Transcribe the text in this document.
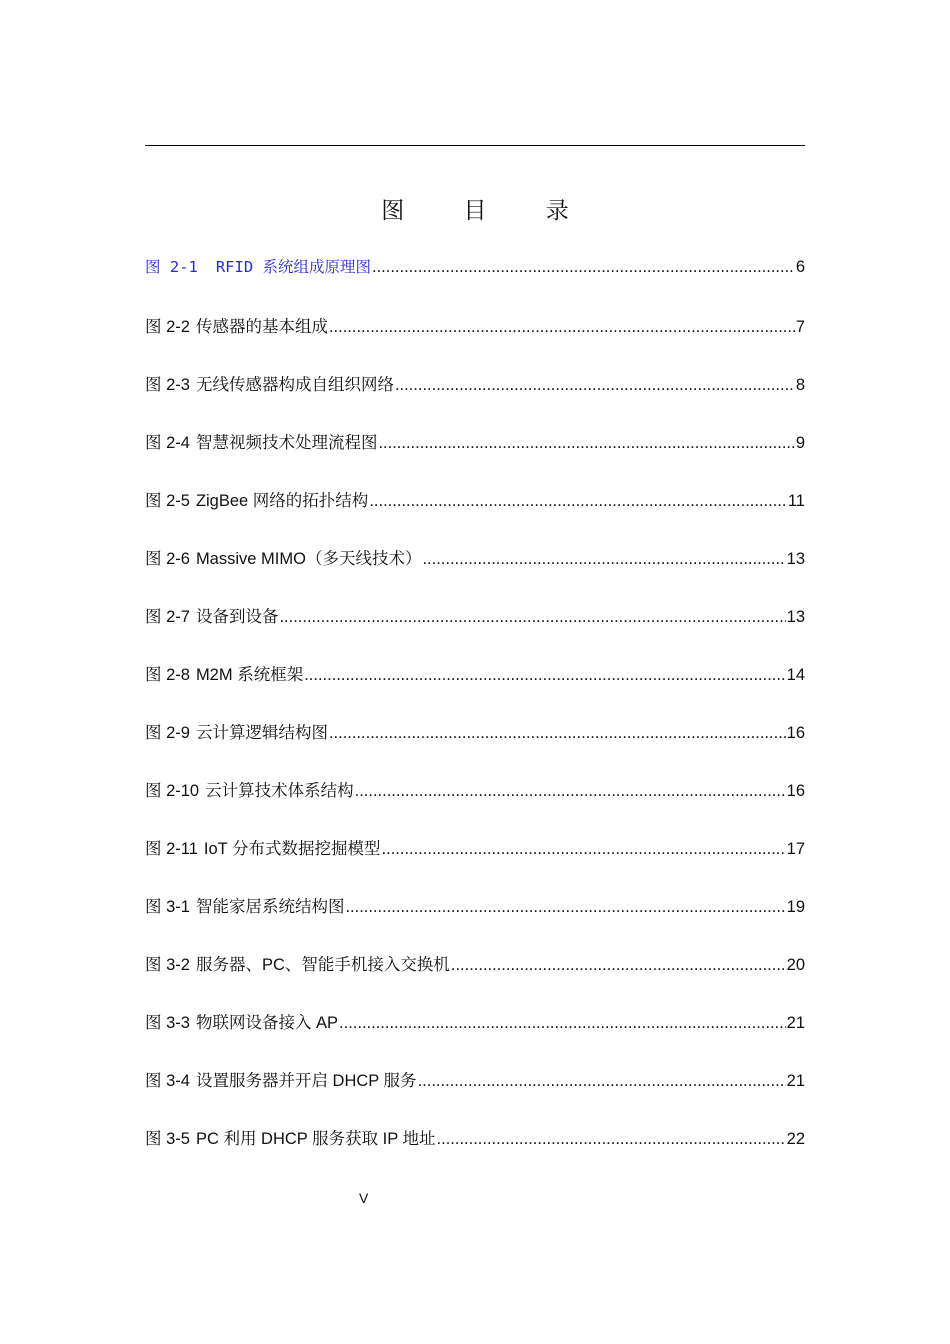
图 目 录
图 2-1 RFID 系统组成原理图 .....	6
图 2-2 传感器的基本组成 .....	7
图 2-3 无线传感器构成自组织网络 .....	8
图 2-4 智慧视频技术处理流程图 .....	9
图 2-5 ZigBee 网络的拓扑结构 .....	11
图 2-6 Massive MIMO（多天线技术） .....	13
图 2-7 设备到设备 .....	13
图 2-8 M2M 系统框架 .....	14
图 2-9 云计算逻辑结构图 .....	16
图 2-10 云计算技术体系结构 .....	16
图 2-11 IoT 分布式数据挖掘模型 .....	17
图 3-1 智能家居系统结构图 .....	19
图 3-2 服务器、PC、智能手机接入交换机 .....	20
图 3-3 物联网设备接入 AP .....	21
图 3-4 设置服务器并开启 DHCP 服务 .....	21
图 3-5 PC 利用 DHCP 服务获取 IP 地址 .....	22
V
